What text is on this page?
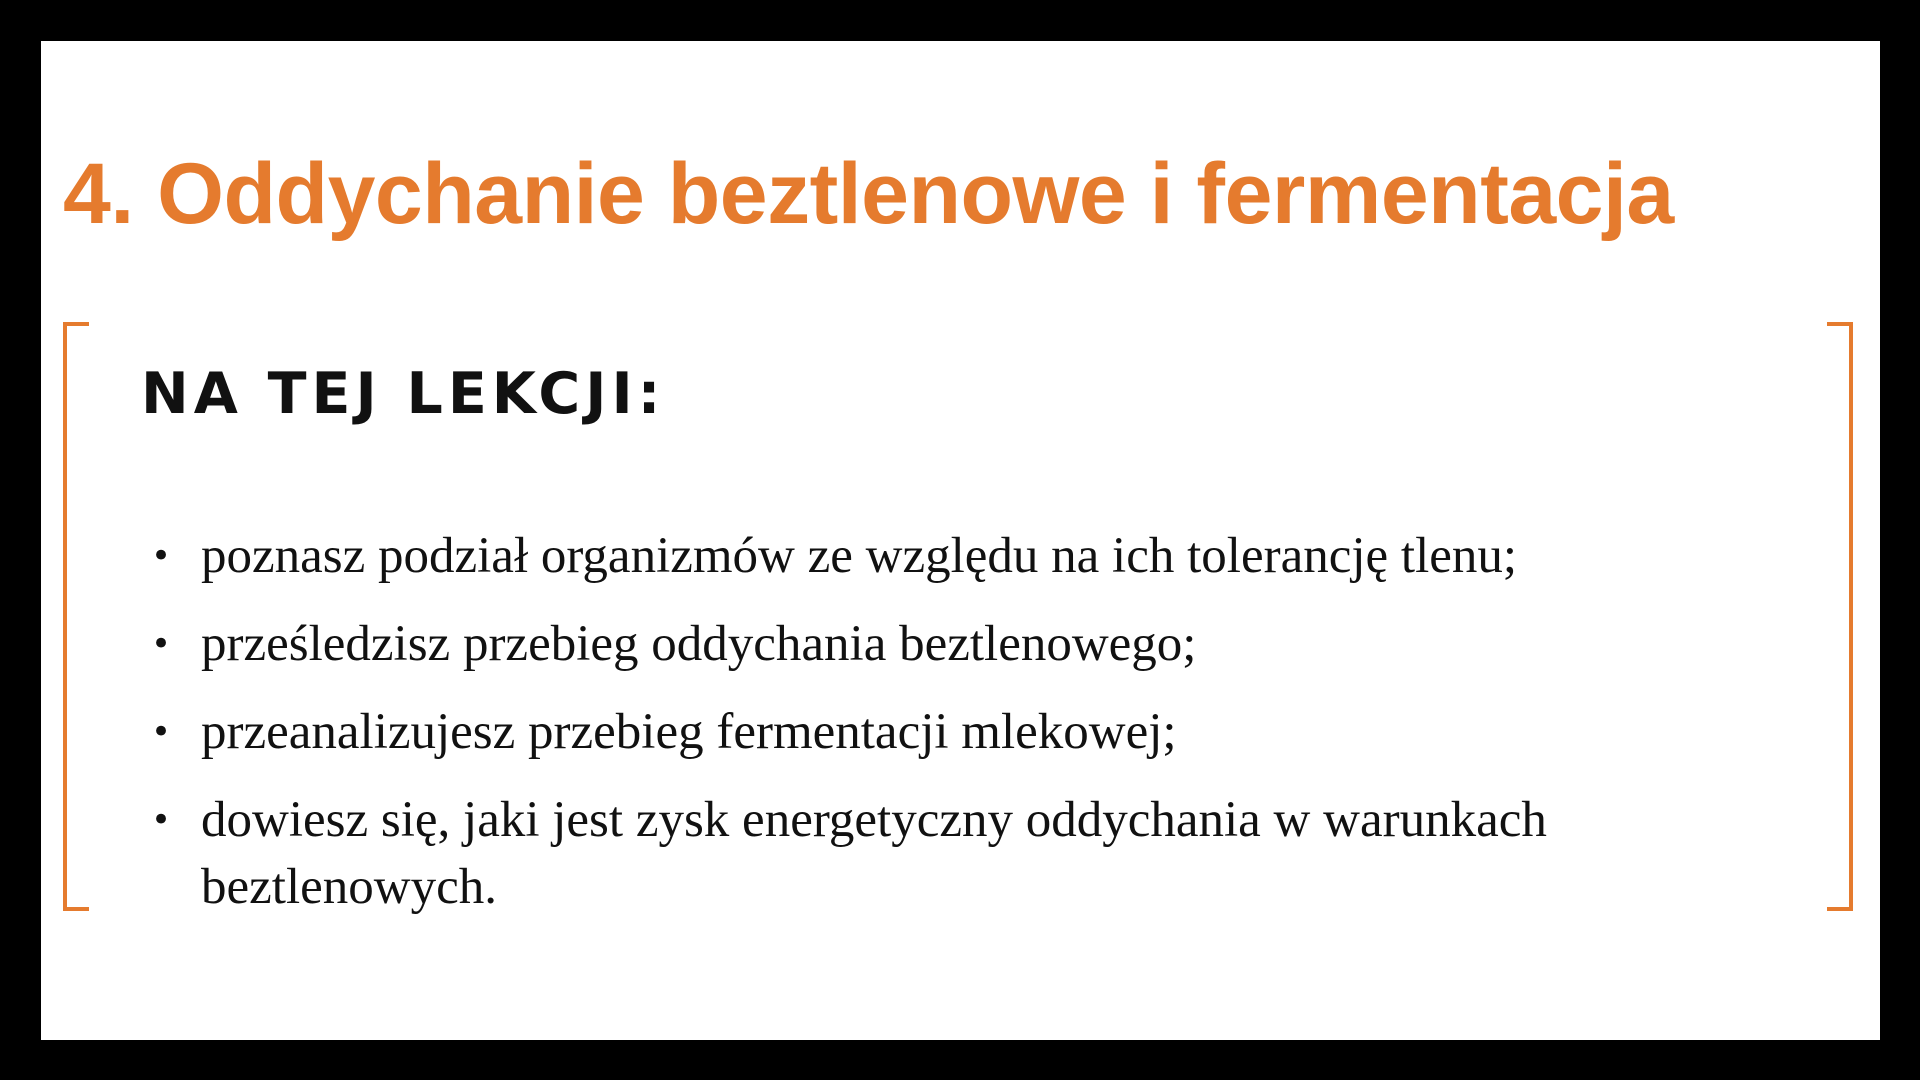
4. Oddychanie beztlenowe i fermentacja
NA TEJ LEKCJI:
• poznasz podział organizmów ze względu na ich tolerancję tlenu;
• prześledzisz przebieg oddychania beztlenowego;
• przeanalizujesz przebieg fermentacji mlekowej;
• dowiesz się, jaki jest zysk energetyczny oddychania w warunkach beztlenowych.
